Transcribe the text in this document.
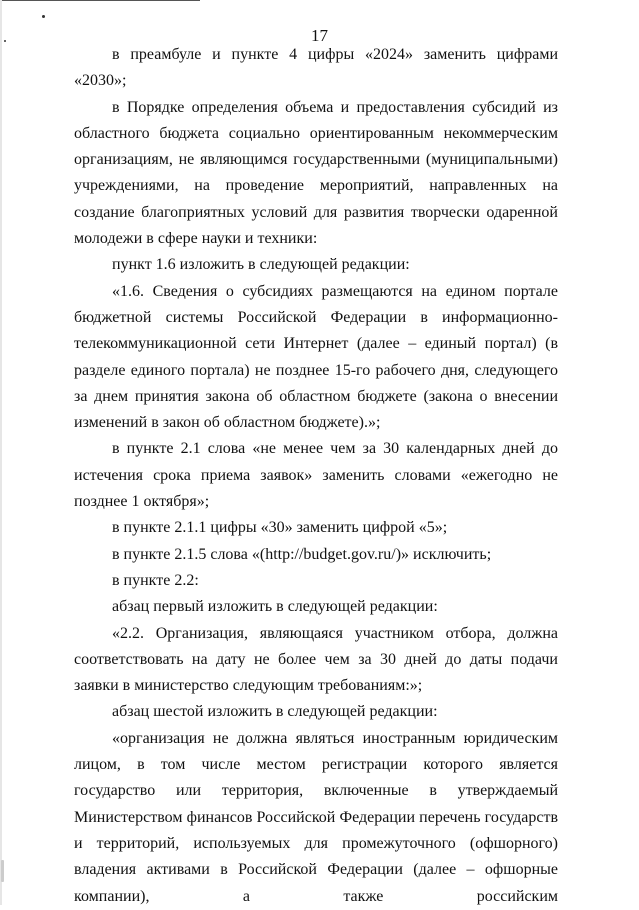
17

в преамбуле и пункте 4 цифры «2024» заменить цифрами «2030»;

в Порядке определения объема и предоставления субсидий из областного бюджета социально ориентированным некоммерческим организациям, не являющимся государственными (муниципальными) учреждениями, на проведение мероприятий, направленных на создание благоприятных условий для развития творчески одаренной молодежи в сфере науки и техники:

пункт 1.6 изложить в следующей редакции:

«1.6. Сведения о субсидиях размещаются на едином портале бюджетной системы Российской Федерации в информационно-телекоммуникационной сети Интернет (далее – единый портал) (в разделе единого портала) не позднее 15-го рабочего дня, следующего за днем принятия закона об областном бюджете (закона о внесении изменений в закон об областном бюджете).»;

в пункте 2.1 слова «не менее чем за 30 календарных дней до истечения срока приема заявок» заменить словами «ежегодно не позднее 1 октября»;

в пункте 2.1.1 цифры «30» заменить цифрой «5»;

в пункте 2.1.5 слова «(http://budget.gov.ru/)» исключить;

в пункте 2.2:

абзац первый изложить в следующей редакции:

«2.2. Организация, являющаяся участником отбора, должна соответствовать на дату не более чем за 30 дней до даты подачи заявки в министерство следующим требованиям:»;

абзац шестой изложить в следующей редакции:

«организация не должна являться иностранным юридическим лицом, в том числе местом регистрации которого является государство или территория, включенные в утверждаемый Министерством финансов Российской Федерации перечень государств и территорий, используемых для промежуточного (офшорного) владения активами в Российской Федерации (далее – офшорные компании), а также российским
